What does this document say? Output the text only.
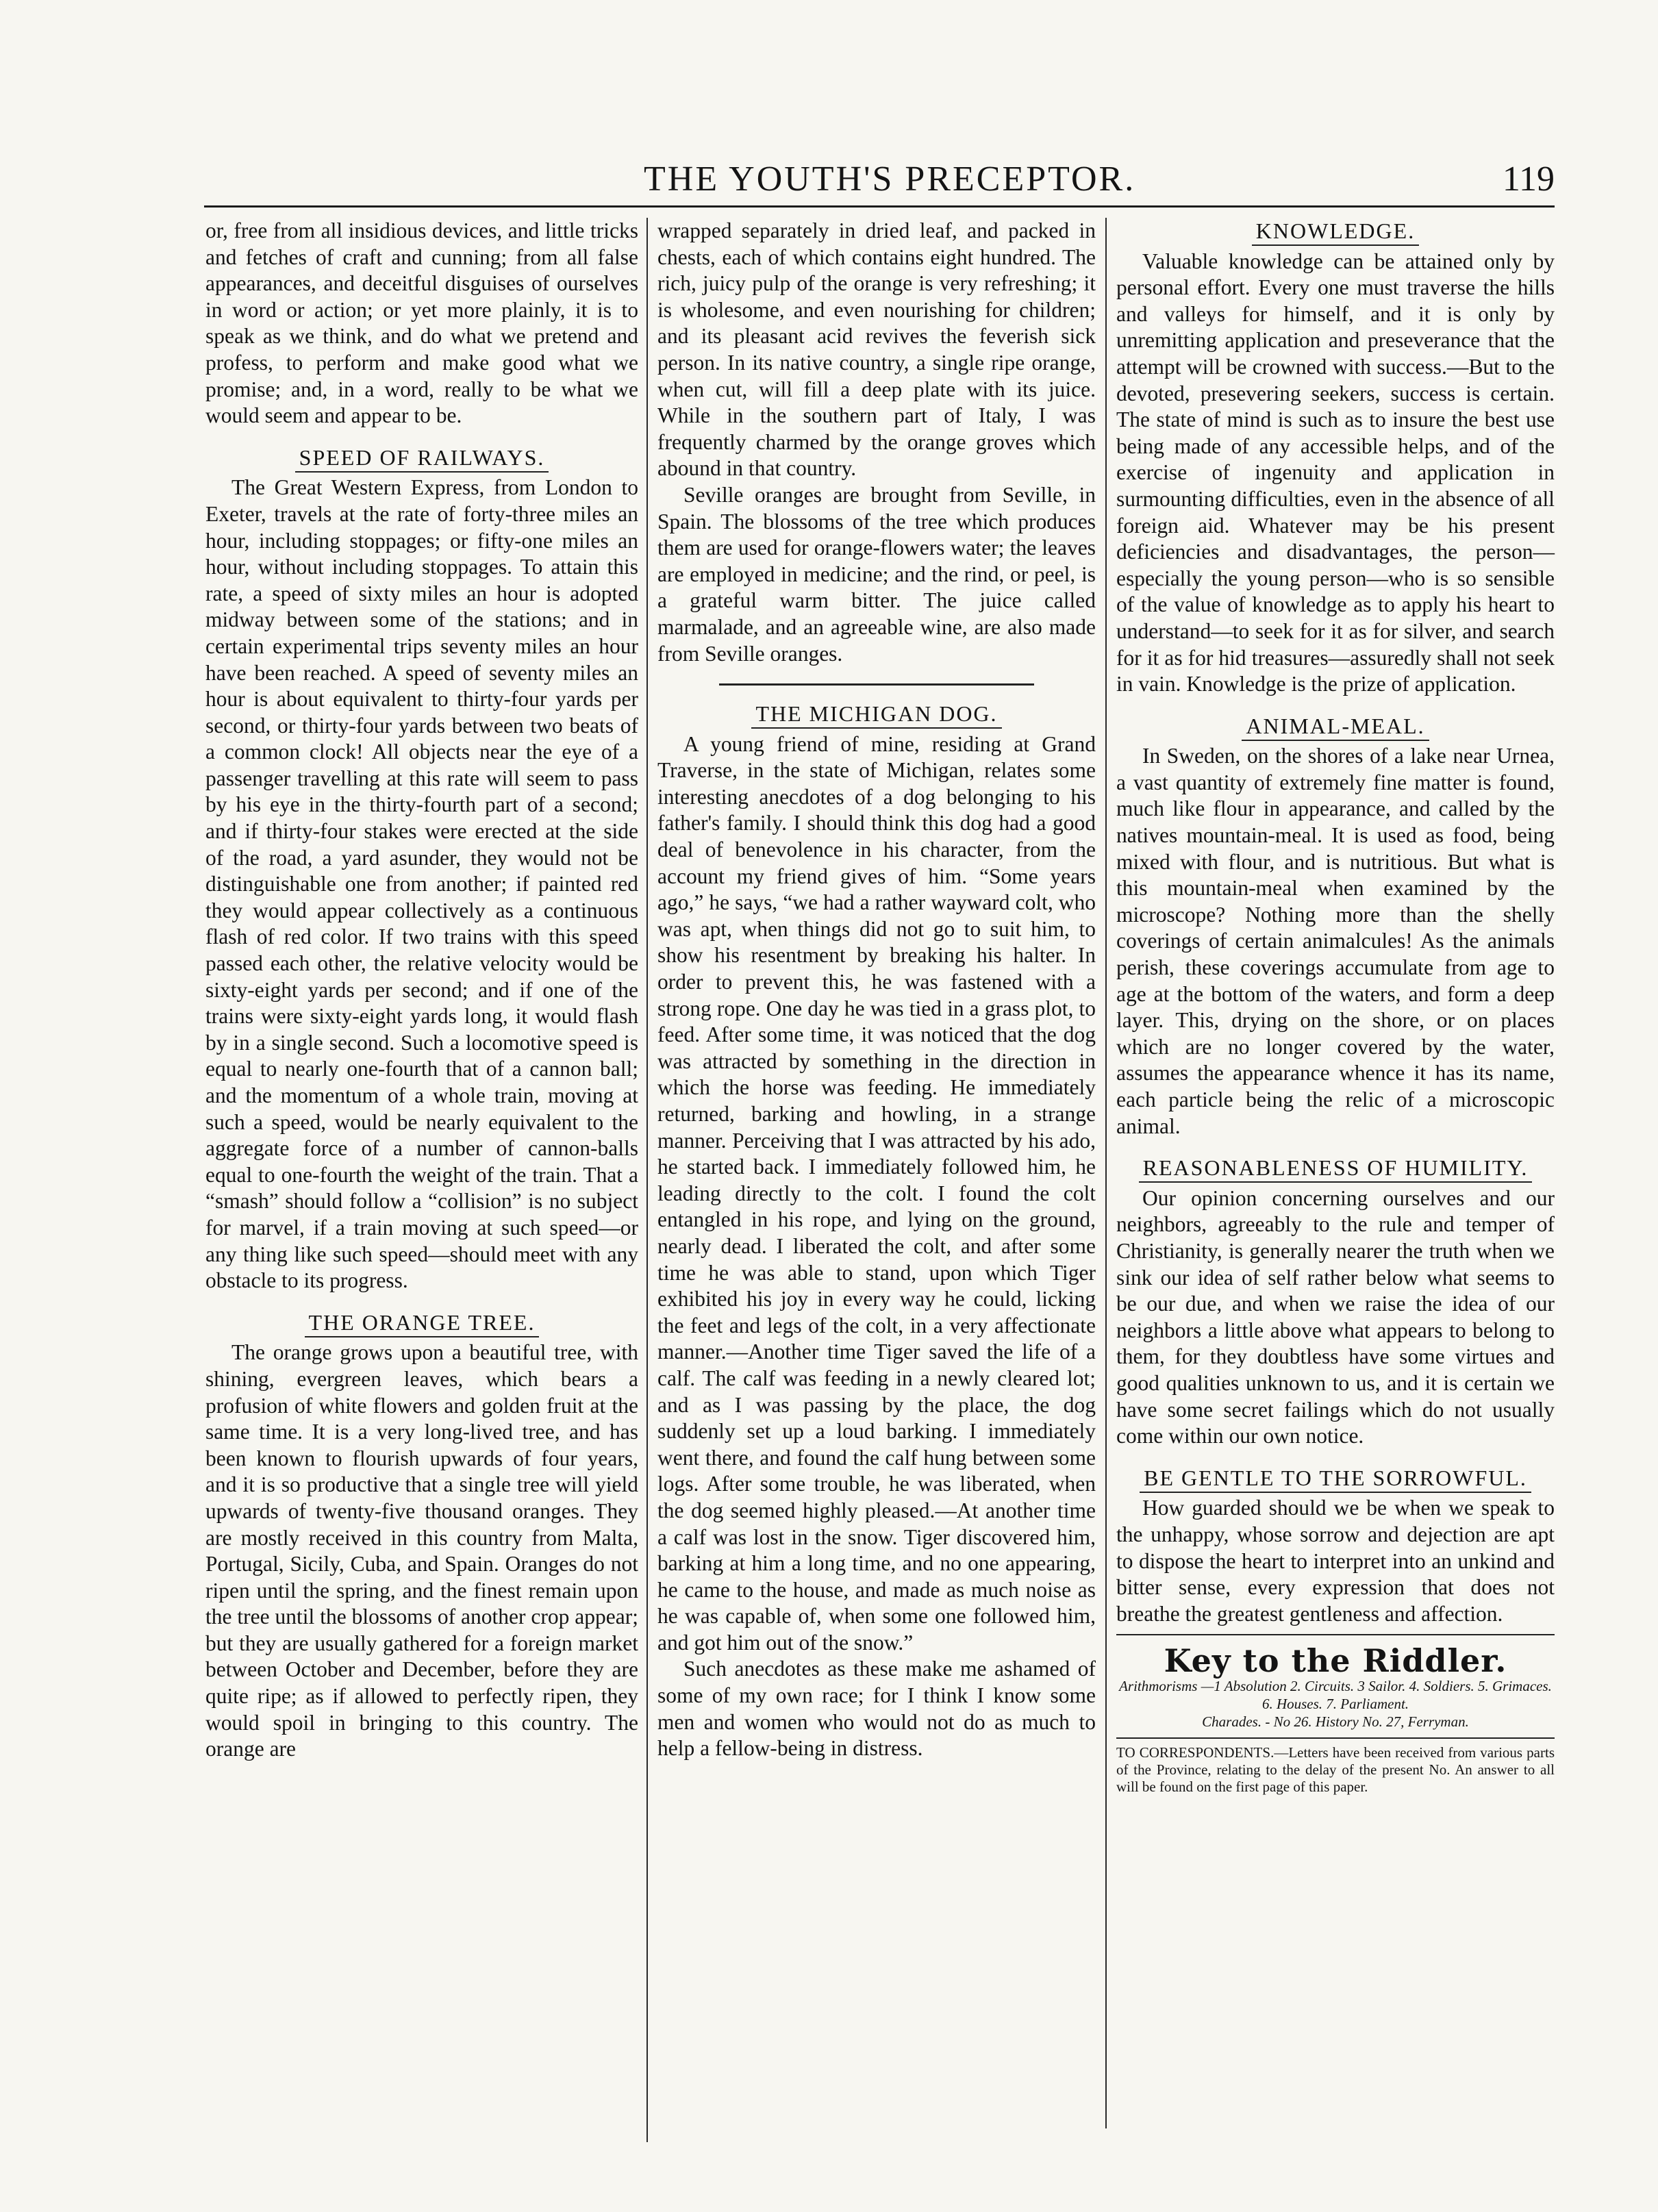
THE YOUTH'S PRECEPTOR.	119

or, free from all insidious devices, and little tricks and fetches of craft and cunning; from all false appearances, and deceitful disguises of ourselves in word or action; or yet more plainly, it is to speak as we think, and do what we pretend and profess, to perform and make good what we promise; and, in a word, really to be what we would seem and appear to be.

SPEED OF RAILWAYS.

The Great Western Express, from London to Exeter, travels at the rate of forty-three miles an hour, including stoppages; or fifty-one miles an hour, without including stoppages. To attain this rate, a speed of sixty miles an hour is adopted midway between some of the stations; and in certain experimental trips seventy miles an hour have been reached. A speed of seventy miles an hour is about equivalent to thirty-four yards per second, or thirty-four yards between two beats of a common clock! All objects near the eye of a passenger travelling at this rate will seem to pass by his eye in the thirty-fourth part of a second; and if thirty-four stakes were erected at the side of the road, a yard asunder, they would not be distinguishable one from another; if painted red they would appear collectively as a continuous flash of red color. If two trains with this speed passed each other, the relative velocity would be sixty-eight yards per second; and if one of the trains were sixty-eight yards long, it would flash by in a single second. Such a locomotive speed is equal to nearly one-fourth that of a cannon ball; and the momentum of a whole train, moving at such a speed, would be nearly equivalent to the aggregate force of a number of cannon-balls equal to one-fourth the weight of the train. That a “smash” should follow a “collision” is no subject for marvel, if a train moving at such speed—or any thing like such speed—should meet with any obstacle to its progress.

THE ORANGE TREE.

The orange grows upon a beautiful tree, with shining, evergreen leaves, which bears a profusion of white flowers and golden fruit at the same time. It is a very long-lived tree, and has been known to flourish upwards of four years, and it is so productive that a single tree will yield upwards of twenty-five thousand oranges. They are mostly received in this country from Malta, Portugal, Sicily, Cuba, and Spain. Oranges do not ripen until the spring, and the finest remain upon the tree until the blossoms of another crop appear; but they are usually gathered for a foreign market between October and December, before they are quite ripe; as if allowed to perfectly ripen, they would spoil in bringing to this country. The orange are

wrapped separately in dried leaf, and packed in chests, each of which contains eight hundred. The rich, juicy pulp of the orange is very refreshing; it is wholesome, and even nourishing for children; and its pleasant acid revives the feverish sick person. In its native country, a single ripe orange, when cut, will fill a deep plate with its juice. While in the southern part of Italy, I was frequently charmed by the orange groves which abound in that country.

Seville oranges are brought from Seville, in Spain. The blossoms of the tree which produces them are used for orange-flowers water; the leaves are employed in medicine; and the rind, or peel, is a grateful warm bitter. The juice called marmalade, and an agreeable wine, are also made from Seville oranges.

THE MICHIGAN DOG.

A young friend of mine, residing at Grand Traverse, in the state of Michigan, relates some interesting anecdotes of a dog belonging to his father's family. I should think this dog had a good deal of benevolence in his character, from the account my friend gives of him. “Some years ago,” he says, “we had a rather wayward colt, who was apt, when things did not go to suit him, to show his resentment by breaking his halter. In order to prevent this, he was fastened with a strong rope. One day he was tied in a grass plot, to feed. After some time, it was noticed that the dog was attracted by something in the direction in which the horse was feeding. He immediately returned, barking and howling, in a strange manner. Perceiving that I was attracted by his ado, he started back. I immediately followed him, he leading directly to the colt. I found the colt entangled in his rope, and lying on the ground, nearly dead. I liberated the colt, and after some time he was able to stand, upon which Tiger exhibited his joy in every way he could, licking the feet and legs of the colt, in a very affectionate manner.—Another time Tiger saved the life of a calf. The calf was feeding in a newly cleared lot; and as I was passing by the place, the dog suddenly set up a loud barking. I immediately went there, and found the calf hung between some logs. After some trouble, he was liberated, when the dog seemed highly pleased.—At another time a calf was lost in the snow. Tiger discovered him, barking at him a long time, and no one appearing, he came to the house, and made as much noise as he was capable of, when some one followed him, and got him out of the snow.”

Such anecdotes as these make me ashamed of some of my own race; for I think I know some men and women who would not do as much to help a fellow-being in distress.

KNOWLEDGE.

Valuable knowledge can be attained only by personal effort. Every one must traverse the hills and valleys for himself, and it is only by unremitting application and preseverance that the attempt will be crowned with success.—But to the devoted, presevering seekers, success is certain. The state of mind is such as to insure the best use being made of any accessible helps, and of the exercise of ingenuity and application in surmounting difficulties, even in the absence of all foreign aid. Whatever may be his present deficiencies and disadvantages, the person—especially the young person—who is so sensible of the value of knowledge as to apply his heart to understand—to seek for it as for silver, and search for it as for hid treasures—assuredly shall not seek in vain. Knowledge is the prize of application.

ANIMAL-MEAL.

In Sweden, on the shores of a lake near Urnea, a vast quantity of extremely fine matter is found, much like flour in appearance, and called by the natives mountain-meal. It is used as food, being mixed with flour, and is nutritious. But what is this mountain-meal when examined by the microscope? Nothing more than the shelly coverings of certain animalcules! As the animals perish, these coverings accumulate from age to age at the bottom of the waters, and form a deep layer. This, drying on the shore, or on places which are no longer covered by the water, assumes the appearance whence it has its name, each particle being the relic of a microscopic animal.

REASONABLENESS OF HUMILITY.

Our opinion concerning ourselves and our neighbors, agreeably to the rule and temper of Christianity, is generally nearer the truth when we sink our idea of self rather below what seems to be our due, and when we raise the idea of our neighbors a little above what appears to belong to them, for they doubtless have some virtues and good qualities unknown to us, and it is certain we have some secret failings which do not usually come within our own notice.

BE GENTLE TO THE SORROWFUL.

How guarded should we be when we speak to the unhappy, whose sorrow and dejection are apt to dispose the heart to interpret into an unkind and bitter sense, every expression that does not breathe the greatest gentleness and affection.

Key to the Riddler.
Arithmorisms —1 Absolution 2. Circuits. 3 Sailor. 4. Soldiers. 5. Grimaces. 6. Houses. 7. Parliament.
Charades. - No 26. History No. 27, Ferryman.

TO CORRESPONDENTS.—Letters have been received from various parts of the Province, relating to the delay of the present No. An answer to all will be found on the first page of this paper.
